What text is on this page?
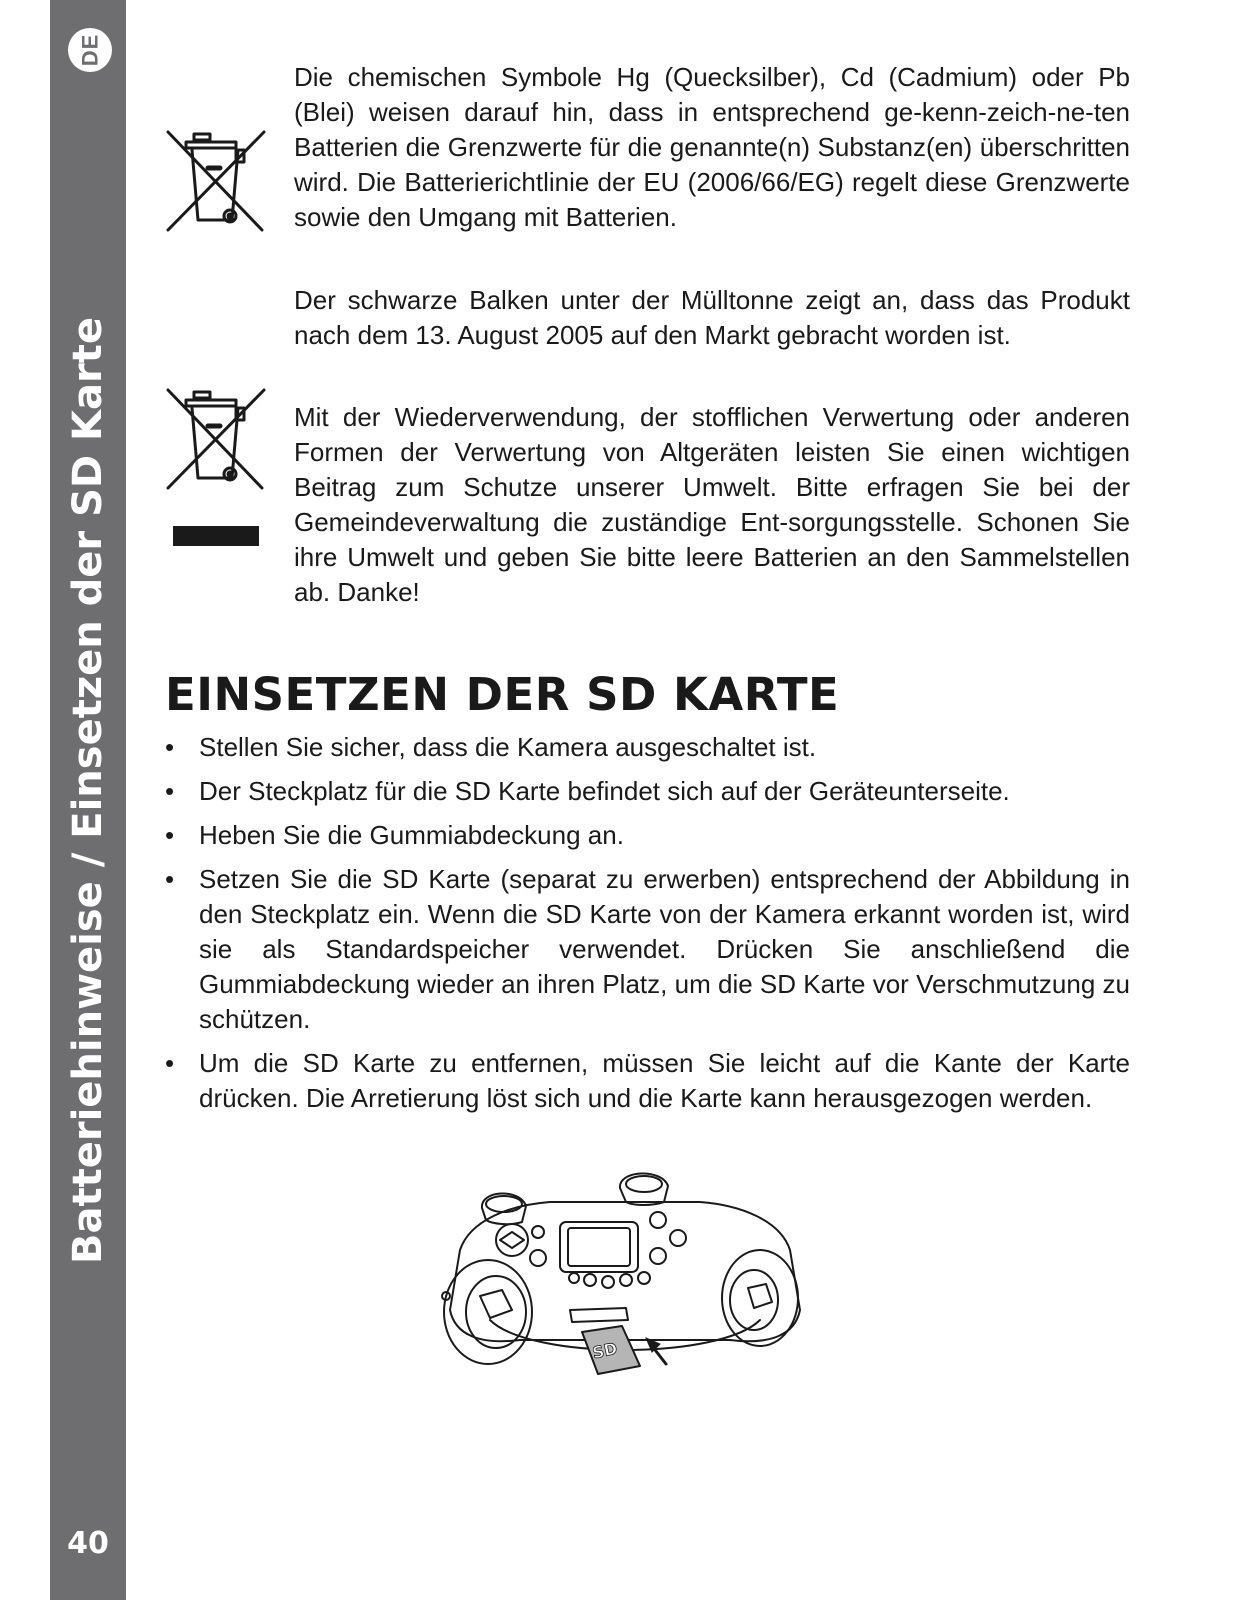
DE
Batteriehinweise / Einsetzen der SD Karte
40

Die chemischen Symbole Hg (Quecksilber), Cd (Cadmium) oder Pb (Blei) weisen darauf hin, dass in entsprechend ge-kenn-zeich-ne-ten Batterien die Grenzwerte für die genannte(n) Substanz(en) überschritten wird. Die Batterierichtlinie der EU (2006/66/EG) regelt diese Grenzwerte sowie den Umgang mit Batterien.

Der schwarze Balken unter der Mülltonne zeigt an, dass das Produkt nach dem 13. August 2005 auf den Markt gebracht worden ist.

Mit der Wiederverwendung, der stofflichen Verwertung oder anderen Formen der Verwertung von Altgeräten leisten Sie einen wichtigen Beitrag zum Schutze unserer Umwelt. Bitte erfragen Sie bei der Gemeindeverwaltung die zuständige Ent-sorgungsstelle. Schonen Sie ihre Umwelt und geben Sie bitte leere Batterien an den Sammelstellen ab. Danke!

EINSETZEN DER SD KARTE
• Stellen Sie sicher, dass die Kamera ausgeschaltet ist.
• Der Steckplatz für die SD Karte befindet sich auf der Geräteunterseite.
• Heben Sie die Gummiabdeckung an.
• Setzen Sie die SD Karte (separat zu erwerben) entsprechend der Abbildung in den Steckplatz ein. Wenn die SD Karte von der Kamera erkannt worden ist, wird sie als Standardspeicher verwendet. Drücken Sie anschließend die Gummiabdeckung wieder an ihren Platz, um die SD Karte vor Verschmutzung zu schützen.
• Um die SD Karte zu entfernen, müssen Sie leicht auf die Kante der Karte drücken. Die Arretierung löst sich und die Karte kann herausgezogen werden.
SD
